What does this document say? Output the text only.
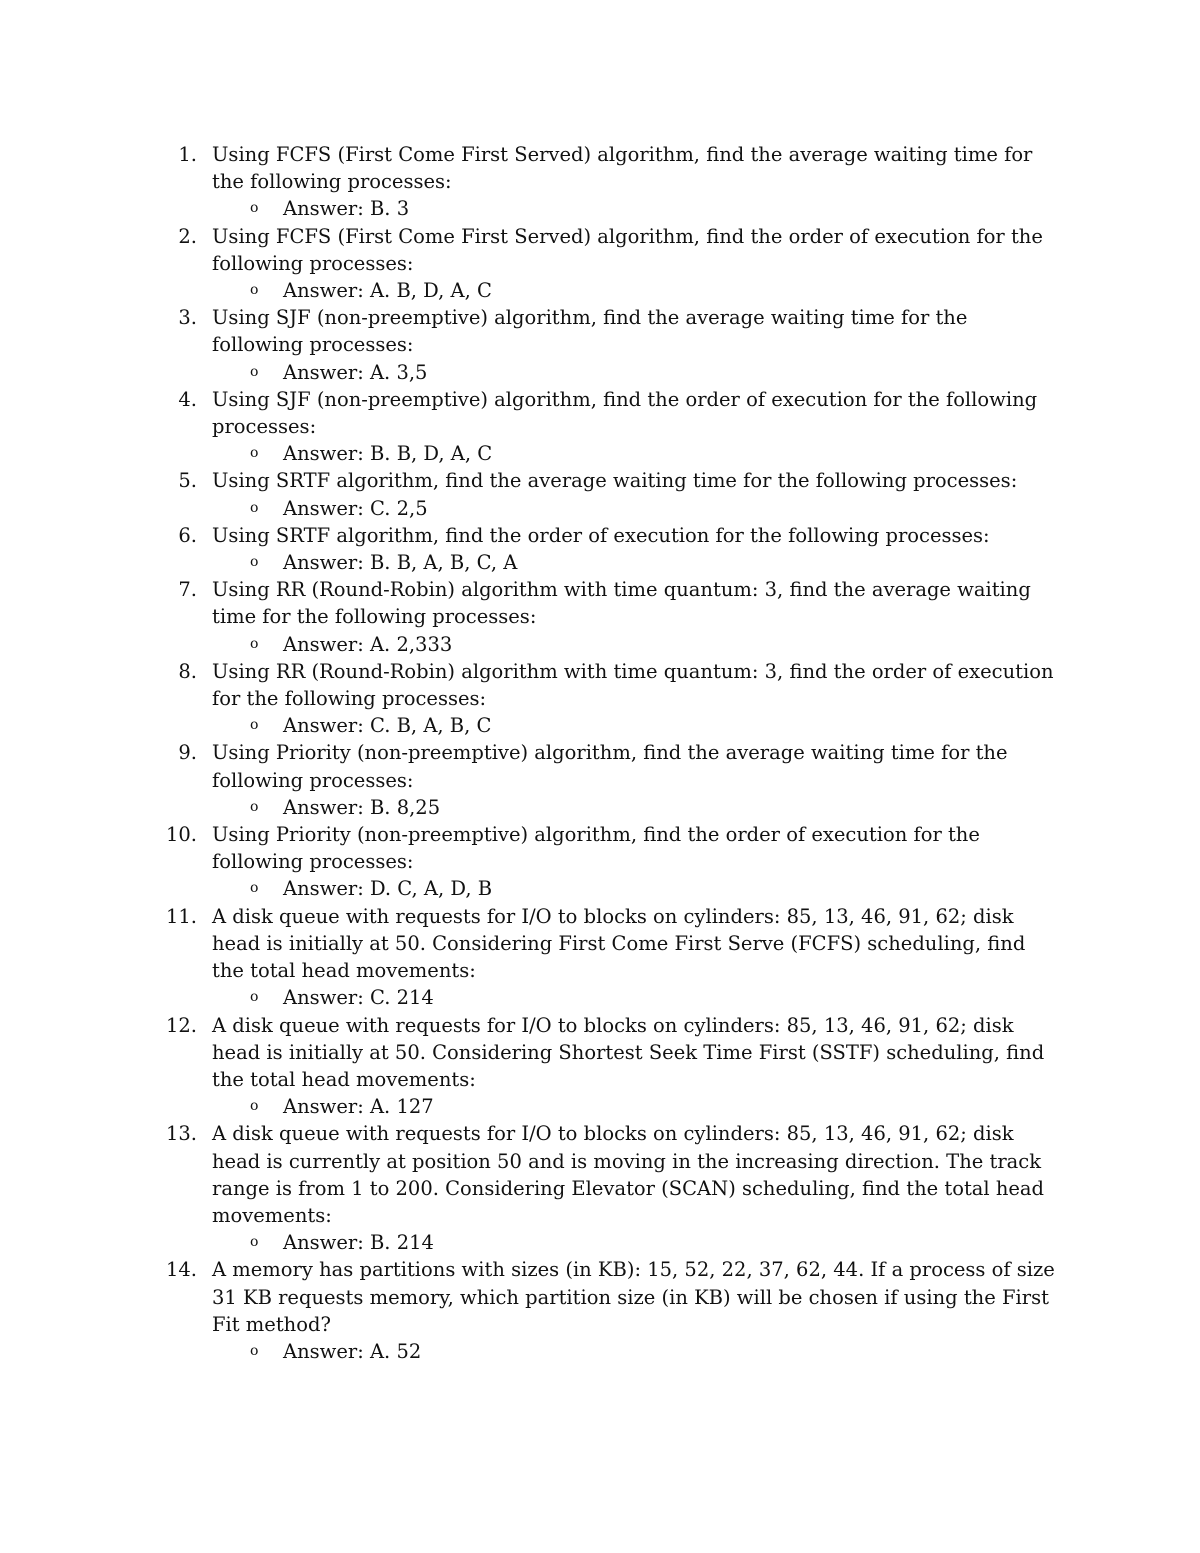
1. Using FCFS (First Come First Served) algorithm, find the average waiting time for the following processes:
o Answer: B. 3
2. Using FCFS (First Come First Served) algorithm, find the order of execution for the following processes:
o Answer: A. B, D, A, C
3. Using SJF (non-preemptive) algorithm, find the average waiting time for the following processes:
o Answer: A. 3,5
4. Using SJF (non-preemptive) algorithm, find the order of execution for the following processes:
o Answer: B. B, D, A, C
5. Using SRTF algorithm, find the average waiting time for the following processes:
o Answer: C. 2,5
6. Using SRTF algorithm, find the order of execution for the following processes:
o Answer: B. B, A, B, C, A
7. Using RR (Round-Robin) algorithm with time quantum: 3, find the average waiting time for the following processes:
o Answer: A. 2,333
8. Using RR (Round-Robin) algorithm with time quantum: 3, find the order of execution for the following processes:
o Answer: C. B, A, B, C
9. Using Priority (non-preemptive) algorithm, find the average waiting time for the following processes:
o Answer: B. 8,25
10. Using Priority (non-preemptive) algorithm, find the order of execution for the following processes:
o Answer: D. C, A, D, B
11. A disk queue with requests for I/O to blocks on cylinders: 85, 13, 46, 91, 62; disk head is initially at 50. Considering First Come First Serve (FCFS) scheduling, find the total head movements:
o Answer: C. 214
12. A disk queue with requests for I/O to blocks on cylinders: 85, 13, 46, 91, 62; disk head is initially at 50. Considering Shortest Seek Time First (SSTF) scheduling, find the total head movements:
o Answer: A. 127
13. A disk queue with requests for I/O to blocks on cylinders: 85, 13, 46, 91, 62; disk head is currently at position 50 and is moving in the increasing direction. The track range is from 1 to 200. Considering Elevator (SCAN) scheduling, find the total head movements:
o Answer: B. 214
14. A memory has partitions with sizes (in KB): 15, 52, 22, 37, 62, 44. If a process of size 31 KB requests memory, which partition size (in KB) will be chosen if using the First Fit method?
o Answer: A. 52
